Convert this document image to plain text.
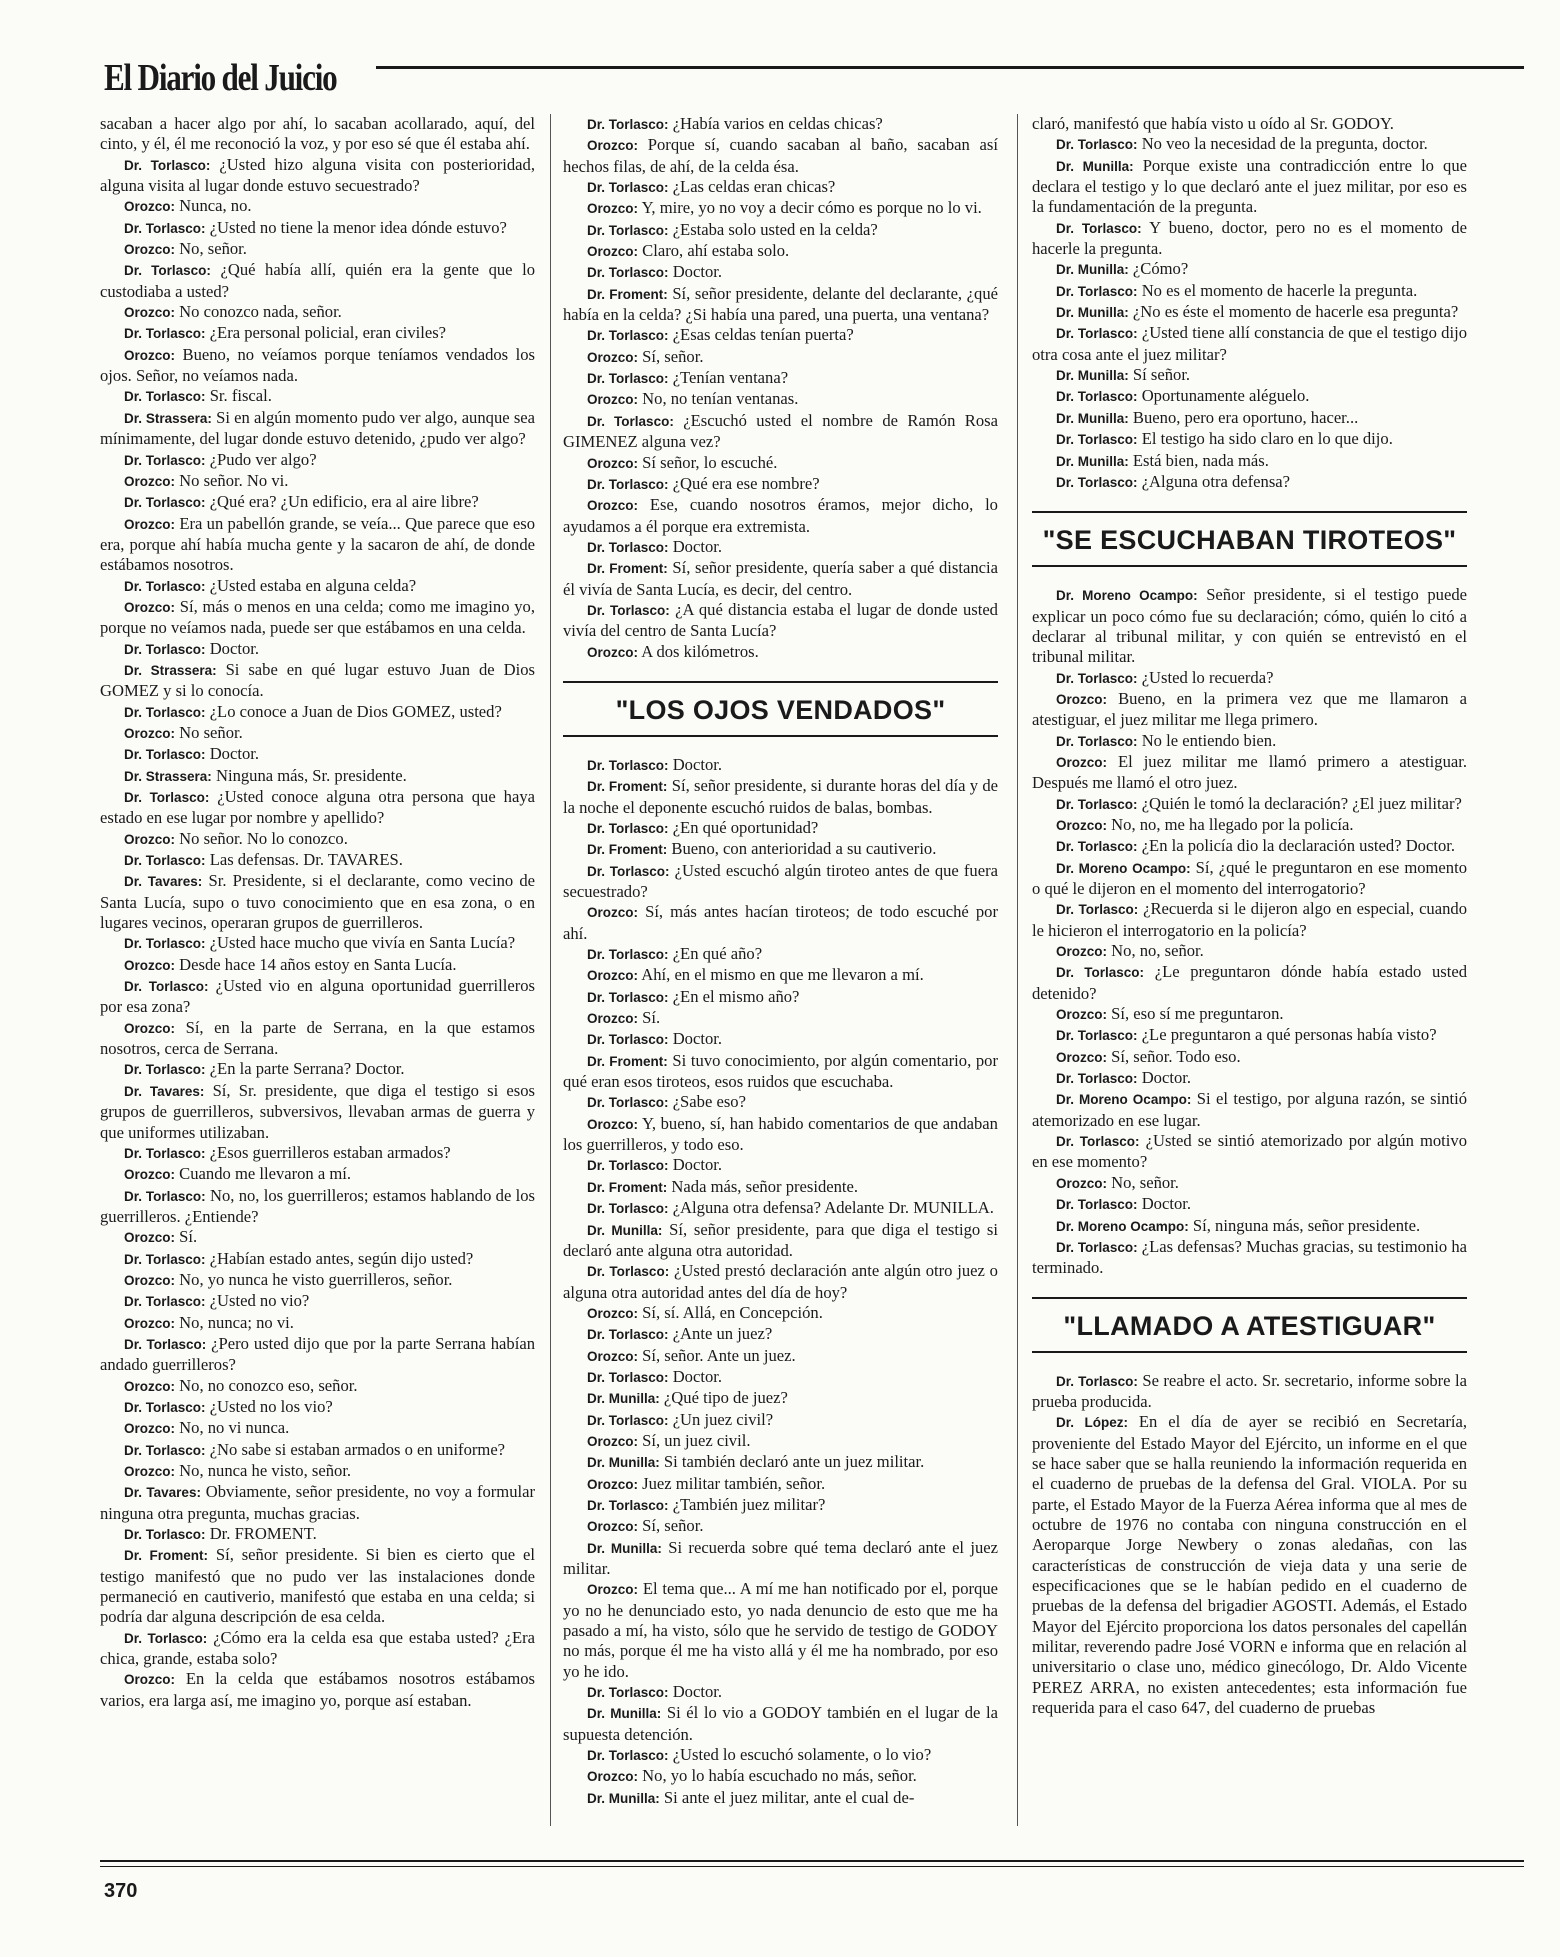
El Diario del Juicio

sacaban a hacer algo por ahí, lo sacaban acollarado, aquí, del cinto, y él, él me reconoció la voz, y por eso sé que él estaba ahí.

Dr. Torlasco: ¿Usted hizo alguna visita con posterioridad, alguna visita al lugar donde estuvo secuestrado?

Orozco: Nunca, no.

Dr. Torlasco: ¿Usted no tiene la menor idea dónde estuvo?

Orozco: No, señor.

Dr. Torlasco: ¿Qué había allí, quién era la gente que lo custodiaba a usted?

Orozco: No conozco nada, señor.

Dr. Torlasco: ¿Era personal policial, eran civiles?

Orozco: Bueno, no veíamos porque teníamos vendados los ojos. Señor, no veíamos nada.

Dr. Torlasco: Sr. fiscal.

Dr. Strassera: Si en algún momento pudo ver algo, aunque sea mínimamente, del lugar donde estuvo detenido, ¿pudo ver algo?

Dr. Torlasco: ¿Pudo ver algo?

Orozco: No señor. No vi.

Dr. Torlasco: ¿Qué era? ¿Un edificio, era al aire libre?

Orozco: Era un pabellón grande, se veía... Que parece que eso era, porque ahí había mucha gente y la sacaron de ahí, de donde estábamos nosotros.

Dr. Torlasco: ¿Usted estaba en alguna celda?

Orozco: Sí, más o menos en una celda; como me imagino yo, porque no veíamos nada, puede ser que estábamos en una celda.

Dr. Torlasco: Doctor.

Dr. Strassera: Si sabe en qué lugar estuvo Juan de Dios GOMEZ y si lo conocía.

Dr. Torlasco: ¿Lo conoce a Juan de Dios GOMEZ, usted?

Orozco: No señor.

Dr. Torlasco: Doctor.

Dr. Strassera: Ninguna más, Sr. presidente.

Dr. Torlasco: ¿Usted conoce alguna otra persona que haya estado en ese lugar por nombre y apellido?

Orozco: No señor. No lo conozco.

Dr. Torlasco: Las defensas. Dr. TAVARES.

Dr. Tavares: Sr. Presidente, si el declarante, como vecino de Santa Lucía, supo o tuvo conocimiento que en esa zona, o en lugares vecinos, operaran grupos de guerrilleros.

Dr. Torlasco: ¿Usted hace mucho que vivía en Santa Lucía?

Orozco: Desde hace 14 años estoy en Santa Lucía.

Dr. Torlasco: ¿Usted vio en alguna oportunidad guerrilleros por esa zona?

Orozco: Sí, en la parte de Serrana, en la que estamos nosotros, cerca de Serrana.

Dr. Torlasco: ¿En la parte Serrana? Doctor.

Dr. Tavares: Sí, Sr. presidente, que diga el testigo si esos grupos de guerrilleros, subversivos, llevaban armas de guerra y que uniformes utilizaban.

Dr. Torlasco: ¿Esos guerrilleros estaban armados?

Orozco: Cuando me llevaron a mí.

Dr. Torlasco: No, no, los guerrilleros; estamos hablando de los guerrilleros. ¿Entiende?

Orozco: Sí.

Dr. Torlasco: ¿Habían estado antes, según dijo usted?

Orozco: No, yo nunca he visto guerrilleros, señor.

Dr. Torlasco: ¿Usted no vio?

Orozco: No, nunca; no vi.

Dr. Torlasco: ¿Pero usted dijo que por la parte Serrana habían andado guerrilleros?

Orozco: No, no conozco eso, señor.

Dr. Torlasco: ¿Usted no los vio?

Orozco: No, no vi nunca.

Dr. Torlasco: ¿No sabe si estaban armados o en uniforme?

Orozco: No, nunca he visto, señor.

Dr. Tavares: Obviamente, señor presidente, no voy a formular ninguna otra pregunta, muchas gracias.

Dr. Torlasco: Dr. FROMENT.

Dr. Froment: Sí, señor presidente. Si bien es cierto que el testigo manifestó que no pudo ver las instalaciones donde permaneció en cautiverio, manifestó que estaba en una celda; si podría dar alguna descripción de esa celda.

Dr. Torlasco: ¿Cómo era la celda esa que estaba usted? ¿Era chica, grande, estaba solo?

Orozco: En la celda que estábamos nosotros estábamos varios, era larga así, me imagino yo, porque así estaban.

Dr. Torlasco: ¿Había varios en celdas chicas?

Orozco: Porque sí, cuando sacaban al baño, sacaban así hechos filas, de ahí, de la celda ésa.

Dr. Torlasco: ¿Las celdas eran chicas?

Orozco: Y, mire, yo no voy a decir cómo es porque no lo vi.

Dr. Torlasco: ¿Estaba solo usted en la celda?

Orozco: Claro, ahí estaba solo.

Dr. Torlasco: Doctor.

Dr. Froment: Sí, señor presidente, delante del declarante, ¿qué había en la celda? ¿Si había una pared, una puerta, una ventana?

Dr. Torlasco: ¿Esas celdas tenían puerta?

Orozco: Sí, señor.

Dr. Torlasco: ¿Tenían ventana?

Orozco: No, no tenían ventanas.

Dr. Torlasco: ¿Escuchó usted el nombre de Ramón Rosa GIMENEZ alguna vez?

Orozco: Sí señor, lo escuché.

Dr. Torlasco: ¿Qué era ese nombre?

Orozco: Ese, cuando nosotros éramos, mejor dicho, lo ayudamos a él porque era extremista.

Dr. Torlasco: Doctor.

Dr. Froment: Sí, señor presidente, quería saber a qué distancia él vivía de Santa Lucía, es decir, del centro.

Dr. Torlasco: ¿A qué distancia estaba el lugar de donde usted vivía del centro de Santa Lucía?

Orozco: A dos kilómetros.

"LOS OJOS VENDADOS"

Dr. Torlasco: Doctor.

Dr. Froment: Sí, señor presidente, si durante horas del día y de la noche el deponente escuchó ruidos de balas, bombas.

Dr. Torlasco: ¿En qué oportunidad?

Dr. Froment: Bueno, con anterioridad a su cautiverio.

Dr. Torlasco: ¿Usted escuchó algún tiroteo antes de que fuera secuestrado?

Orozco: Sí, más antes hacían tiroteos; de todo escuché por ahí.

Dr. Torlasco: ¿En qué año?

Orozco: Ahí, en el mismo en que me llevaron a mí.

Dr. Torlasco: ¿En el mismo año?

Orozco: Sí.

Dr. Torlasco: Doctor.

Dr. Froment: Si tuvo conocimiento, por algún comentario, por qué eran esos tiroteos, esos ruidos que escuchaba.

Dr. Torlasco: ¿Sabe eso?

Orozco: Y, bueno, sí, han habido comentarios de que andaban los guerrilleros, y todo eso.

Dr. Torlasco: Doctor.

Dr. Froment: Nada más, señor presidente.

Dr. Torlasco: ¿Alguna otra defensa? Adelante Dr. MUNILLA.

Dr. Munilla: Sí, señor presidente, para que diga el testigo si declaró ante alguna otra autoridad.

Dr. Torlasco: ¿Usted prestó declaración ante algún otro juez o alguna otra autoridad antes del día de hoy?

Orozco: Sí, sí. Allá, en Concepción.

Dr. Torlasco: ¿Ante un juez?

Orozco: Sí, señor. Ante un juez.

Dr. Torlasco: Doctor.

Dr. Munilla: ¿Qué tipo de juez?

Dr. Torlasco: ¿Un juez civil?

Orozco: Sí, un juez civil.

Dr. Munilla: Si también declaró ante un juez militar.

Orozco: Juez militar también, señor.

Dr. Torlasco: ¿También juez militar?

Orozco: Sí, señor.

Dr. Munilla: Si recuerda sobre qué tema declaró ante el juez militar.

Orozco: El tema que... A mí me han notificado por el, porque yo no he denunciado esto, yo nada denuncio de esto que me ha pasado a mí, ha visto, sólo que he servido de testigo de GODOY no más, porque él me ha visto allá y él me ha nombrado, por eso yo he ido.

Dr. Torlasco: Doctor.

Dr. Munilla: Si él lo vio a GODOY también en el lugar de la supuesta detención.

Dr. Torlasco: ¿Usted lo escuchó solamente, o lo vio?

Orozco: No, yo lo había escuchado no más, señor.

Dr. Munilla: Si ante el juez militar, ante el cual de-

claró, manifestó que había visto u oído al Sr. GODOY.

Dr. Torlasco: No veo la necesidad de la pregunta, doctor.

Dr. Munilla: Porque existe una contradicción entre lo que declara el testigo y lo que declaró ante el juez militar, por eso es la fundamentación de la pregunta.

Dr. Torlasco: Y bueno, doctor, pero no es el momento de hacerle la pregunta.

Dr. Munilla: ¿Cómo?

Dr. Torlasco: No es el momento de hacerle la pregunta.

Dr. Munilla: ¿No es éste el momento de hacerle esa pregunta?

Dr. Torlasco: ¿Usted tiene allí constancia de que el testigo dijo otra cosa ante el juez militar?

Dr. Munilla: Sí señor.

Dr. Torlasco: Oportunamente aléguelo.

Dr. Munilla: Bueno, pero era oportuno, hacer...

Dr. Torlasco: El testigo ha sido claro en lo que dijo.

Dr. Munilla: Está bien, nada más.

Dr. Torlasco: ¿Alguna otra defensa?

"SE ESCUCHABAN TIROTEOS"

Dr. Moreno Ocampo: Señor presidente, si el testigo puede explicar un poco cómo fue su declaración; cómo, quién lo citó a declarar al tribunal militar, y con quién se entrevistó en el tribunal militar.

Dr. Torlasco: ¿Usted lo recuerda?

Orozco: Bueno, en la primera vez que me llamaron a atestiguar, el juez militar me llega primero.

Dr. Torlasco: No le entiendo bien.

Orozco: El juez militar me llamó primero a atestiguar. Después me llamó el otro juez.

Dr. Torlasco: ¿Quién le tomó la declaración? ¿El juez militar?

Orozco: No, no, me ha llegado por la policía.

Dr. Torlasco: ¿En la policía dio la declaración usted? Doctor.

Dr. Moreno Ocampo: Sí, ¿qué le preguntaron en ese momento o qué le dijeron en el momento del interrogatorio?

Dr. Torlasco: ¿Recuerda si le dijeron algo en especial, cuando le hicieron el interrogatorio en la policía?

Orozco: No, no, señor.

Dr. Torlasco: ¿Le preguntaron dónde había estado usted detenido?

Orozco: Sí, eso sí me preguntaron.

Dr. Torlasco: ¿Le preguntaron a qué personas había visto?

Orozco: Sí, señor. Todo eso.

Dr. Torlasco: Doctor.

Dr. Moreno Ocampo: Si el testigo, por alguna razón, se sintió atemorizado en ese lugar.

Dr. Torlasco: ¿Usted se sintió atemorizado por algún motivo en ese momento?

Orozco: No, señor.

Dr. Torlasco: Doctor.

Dr. Moreno Ocampo: Sí, ninguna más, señor presidente.

Dr. Torlasco: ¿Las defensas? Muchas gracias, su testimonio ha terminado.

"LLAMADO A ATESTIGUAR"

Dr. Torlasco: Se reabre el acto. Sr. secretario, informe sobre la prueba producida.

Dr. López: En el día de ayer se recibió en Secretaría, proveniente del Estado Mayor del Ejército, un informe en el que se hace saber que se halla reuniendo la información requerida en el cuaderno de pruebas de la defensa del Gral. VIOLA. Por su parte, el Estado Mayor de la Fuerza Aérea informa que al mes de octubre de 1976 no contaba con ninguna construcción en el Aeroparque Jorge Newbery o zonas aledañas, con las características de construcción de vieja data y una serie de especificaciones que se le habían pedido en el cuaderno de pruebas de la defensa del brigadier AGOSTI. Además, el Estado Mayor del Ejército proporciona los datos personales del capellán militar, reverendo padre José VORN e informa que en relación al universitario o clase uno, médico ginecólogo, Dr. Aldo Vicente PEREZ ARRA, no existen antecedentes; esta información fue requerida para el caso 647, del cuaderno de pruebas

370
